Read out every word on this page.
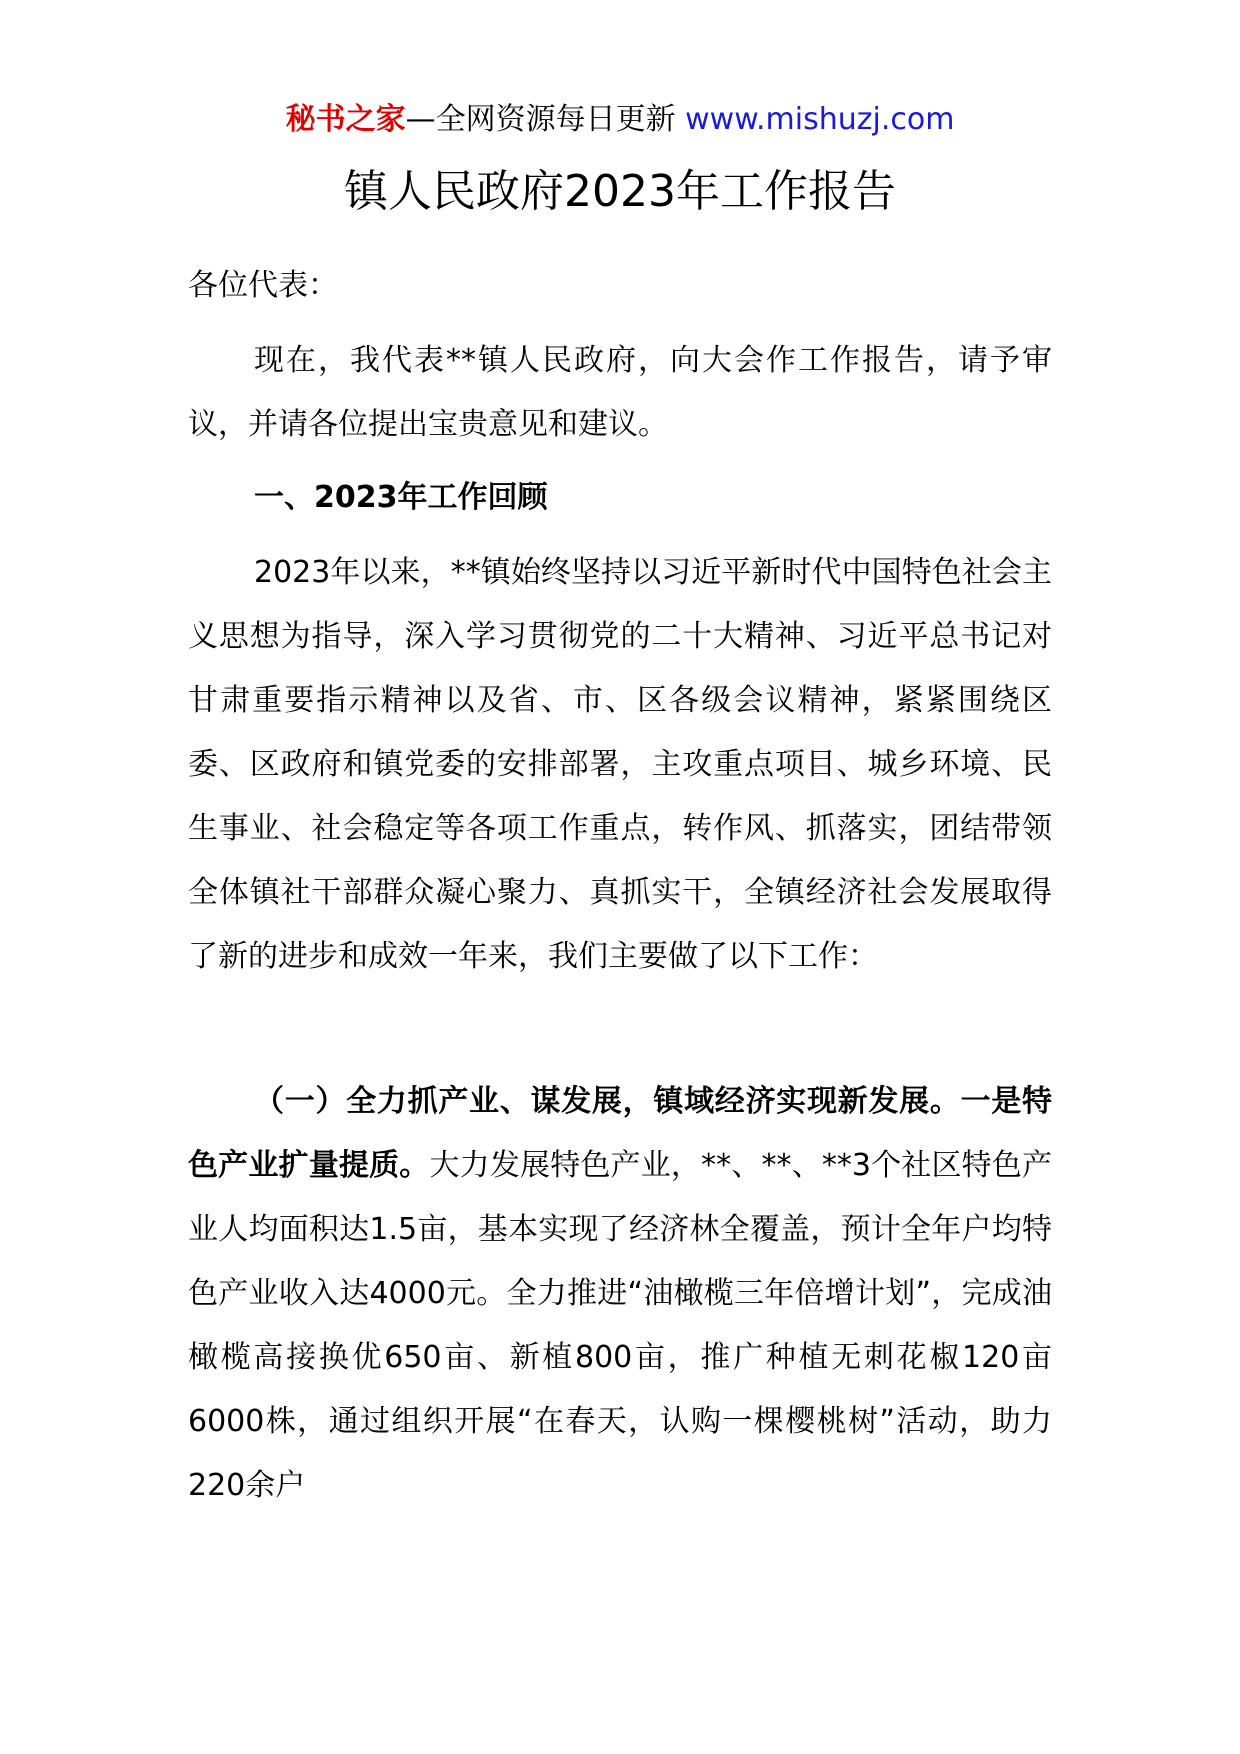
秘书之家—全网资源每日更新 www.mishuzj.com
镇人民政府2023年工作报告
各位代表：
现在，我代表**镇人民政府，向大会作工作报告，请予审议，并请各位提出宝贵意见和建议。
一、2023年工作回顾
2023年以来，**镇始终坚持以习近平新时代中国特色社会主义思想为指导，深入学习贯彻党的二十大精神、习近平总书记对甘肃重要指示精神以及省、市、区各级会议精神，紧紧围绕区委、区政府和镇党委的安排部署，主攻重点项目、城乡环境、民生事业、社会稳定等各项工作重点，转作风、抓落实，团结带领全体镇社干部群众凝心聚力、真抓实干，全镇经济社会发展取得了新的进步和成效一年来，我们主要做了以下工作：
（一）全力抓产业、谋发展，镇域经济实现新发展。一是特色产业扩量提质。大力发展特色产业，**、**、**3个社区特色产业人均面积达1.5亩，基本实现了经济林全覆盖，预计全年户均特色产业收入达4000元。全力推进“油橄榄三年倍增计划”，完成油橄榄高接换优650亩、新植800亩，推广种植无刺花椒120亩6000株，通过组织开展“在春天，认购一棵樱桃树”活动，助力220余户
